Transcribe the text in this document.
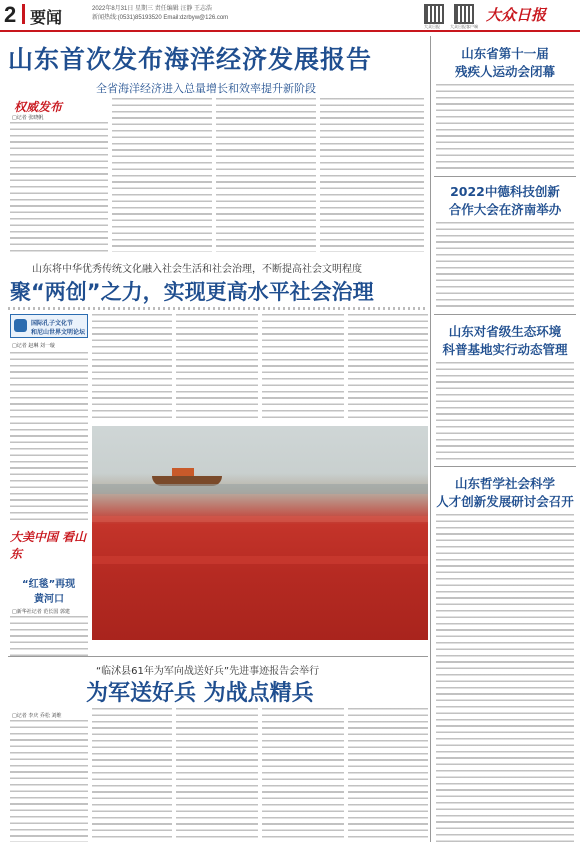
2 要闻
2022年8月31日 星期三 责任编辑 汪静 王志浩
新闻热线:(0531)85193520 Email:dzrbyw@126.com
大众日报	大众日报客户端
大众日报
山东首次发布海洋经济发展报告
全省海洋经济进入总量增长和效率提升新阶段
权威发布
□记者 张晓帆
山东将中华优秀传统文化融入社会生活和社会治理，不断提高社会文明程度
聚“两创”之力，实现更高水平社会治理
国际孔子文化节
和尼山世界文明论坛
□记者 赵琳 刘一璇
大美中国 看山东
“红毯”再现
黄河口
□新华社记者 范长国 郭建
“临沭县61年为军向战送好兵”先进事迹报告会举行
为军送好兵 为战点精兵
□记者 李庆 乔松 刘维
山东省第十一届
残疾人运动会闭幕
2022中德科技创新
合作大会在济南举办
山东对省级生态环境
科普基地实行动态管理
山东哲学社会科学
人才创新发展研讨会召开
